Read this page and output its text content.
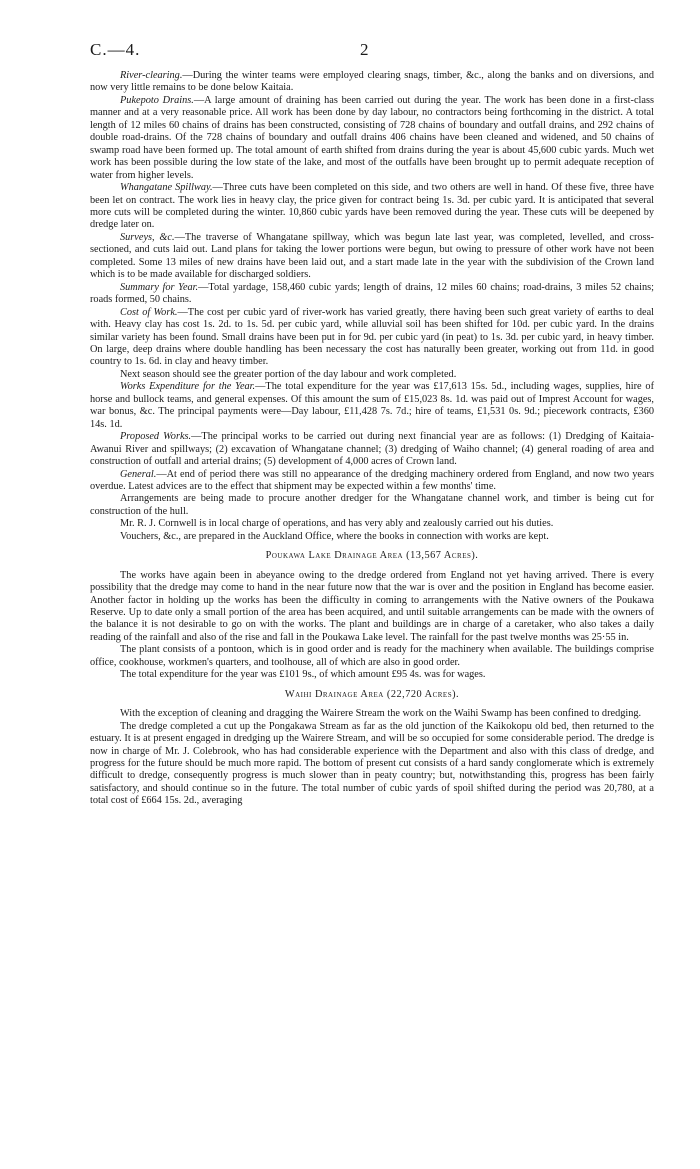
C.—4.	2

River-clearing.—During the winter teams were employed clearing snags, timber, &c., along the banks and on diversions, and now very little remains to be done below Kaitaia.

Pukepoto Drains.—A large amount of draining has been carried out during the year. The work has been done in a first-class manner and at a very reasonable price. All work has been done by day labour, no contractors being forthcoming in the district. A total length of 12 miles 60 chains of drains has been constructed, consisting of 728 chains of boundary and outfall drains, and 292 chains of double road-drains. Of the 728 chains of boundary and outfall drains 406 chains have been cleaned and widened, and 50 chains of swamp road have been formed up. The total amount of earth shifted from drains during the year is about 45,600 cubic yards. Much wet work has been possible during the low state of the lake, and most of the outfalls have been brought up to permit adequate reception of water from higher levels.

Whangatane Spillway.—Three cuts have been completed on this side, and two others are well in hand. Of these five, three have been let on contract. The work lies in heavy clay, the price given for contract being 1s. 3d. per cubic yard. It is anticipated that several more cuts will be completed during the winter. 10,860 cubic yards have been removed during the year. These cuts will be deepened by dredge later on.

Surveys, &c.—The traverse of Whangatane spillway, which was begun late last year, was completed, levelled, and cross-sectioned, and cuts laid out. Land plans for taking the lower portions were begun, but owing to pressure of other work have not been completed. Some 13 miles of new drains have been laid out, and a start made late in the year with the subdivision of the Crown land which is to be made available for discharged soldiers.

Summary for Year.—Total yardage, 158,460 cubic yards; length of drains, 12 miles 60 chains; road-drains, 3 miles 52 chains; roads formed, 50 chains.

Cost of Work.—The cost per cubic yard of river-work has varied greatly, there having been such great variety of earths to deal with. Heavy clay has cost 1s. 2d. to 1s. 5d. per cubic yard, while alluvial soil has been shifted for 10d. per cubic yard. In the drains similar variety has been found. Small drains have been put in for 9d. per cubic yard (in peat) to 1s. 3d. per cubic yard, in heavy timber. On large, deep drains where double handling has been necessary the cost has naturally been greater, working out from 11d. in good country to 1s. 6d. in clay and heavy timber.

Next season should see the greater portion of the day labour and work completed.

Works Expenditure for the Year.—The total expenditure for the year was £17,613 15s. 5d., including wages, supplies, hire of horse and bullock teams, and general expenses. Of this amount the sum of £15,023 8s. 1d. was paid out of Imprest Account for wages, war bonus, &c. The principal payments were—Day labour, £11,428 7s. 7d.; hire of teams, £1,531 0s. 9d.; piecework contracts, £360 14s. 1d.

Proposed Works.—The principal works to be carried out during next financial year are as follows: (1) Dredging of Kaitaia-Awanui River and spillways; (2) excavation of Whangatane channel; (3) dredging of Waiho channel; (4) general roading of area and construction of outfall and arterial drains; (5) development of 4,000 acres of Crown land.

General.—At end of period there was still no appearance of the dredging machinery ordered from England, and now two years overdue. Latest advices are to the effect that shipment may be expected within a few months' time.

Arrangements are being made to procure another dredger for the Whangatane channel work, and timber is being cut for construction of the hull.

Mr. R. J. Cornwell is in local charge of operations, and has very ably and zealously carried out his duties.

Vouchers, &c., are prepared in the Auckland Office, where the books in connection with works are kept.

Poukawa Lake Drainage Area (13,567 Acres).

The works have again been in abeyance owing to the dredge ordered from England not yet having arrived. There is every possibility that the dredge may come to hand in the near future now that the war is over and the position in England has become easier. Another factor in holding up the works has been the difficulty in coming to arrangements with the Native owners of the Poukawa Reserve. Up to date only a small portion of the area has been acquired, and until suitable arrangements can be made with the owners of the balance it is not desirable to go on with the works. The plant and buildings are in charge of a caretaker, who also takes a daily reading of the rainfall and also of the rise and fall in the Poukawa Lake level. The rainfall for the past twelve months was 25·55 in.

The plant consists of a pontoon, which is in good order and is ready for the machinery when available. The buildings comprise office, cookhouse, workmen's quarters, and toolhouse, all of which are also in good order.

The total expenditure for the year was £101 9s., of which amount £95 4s. was for wages.

Waihi Drainage Area (22,720 Acres).

With the exception of cleaning and dragging the Wairere Stream the work on the Waihi Swamp has been confined to dredging.

The dredge completed a cut up the Pongakawa Stream as far as the old junction of the Kaikokopu old bed, then returned to the estuary. It is at present engaged in dredging up the Wairere Stream, and will be so occupied for some considerable period. The dredge is now in charge of Mr. J. Colebrook, who has had considerable experience with the Department and also with this class of dredge, and progress for the future should be much more rapid. The bottom of present cut consists of a hard sandy conglomerate which is extremely difficult to dredge, consequently progress is much slower than in peaty country; but, notwithstanding this, progress has been fairly satisfactory, and should continue so in the future. The total number of cubic yards of spoil shifted during the period was 20,780, at a total cost of £664 15s. 2d., averaging
